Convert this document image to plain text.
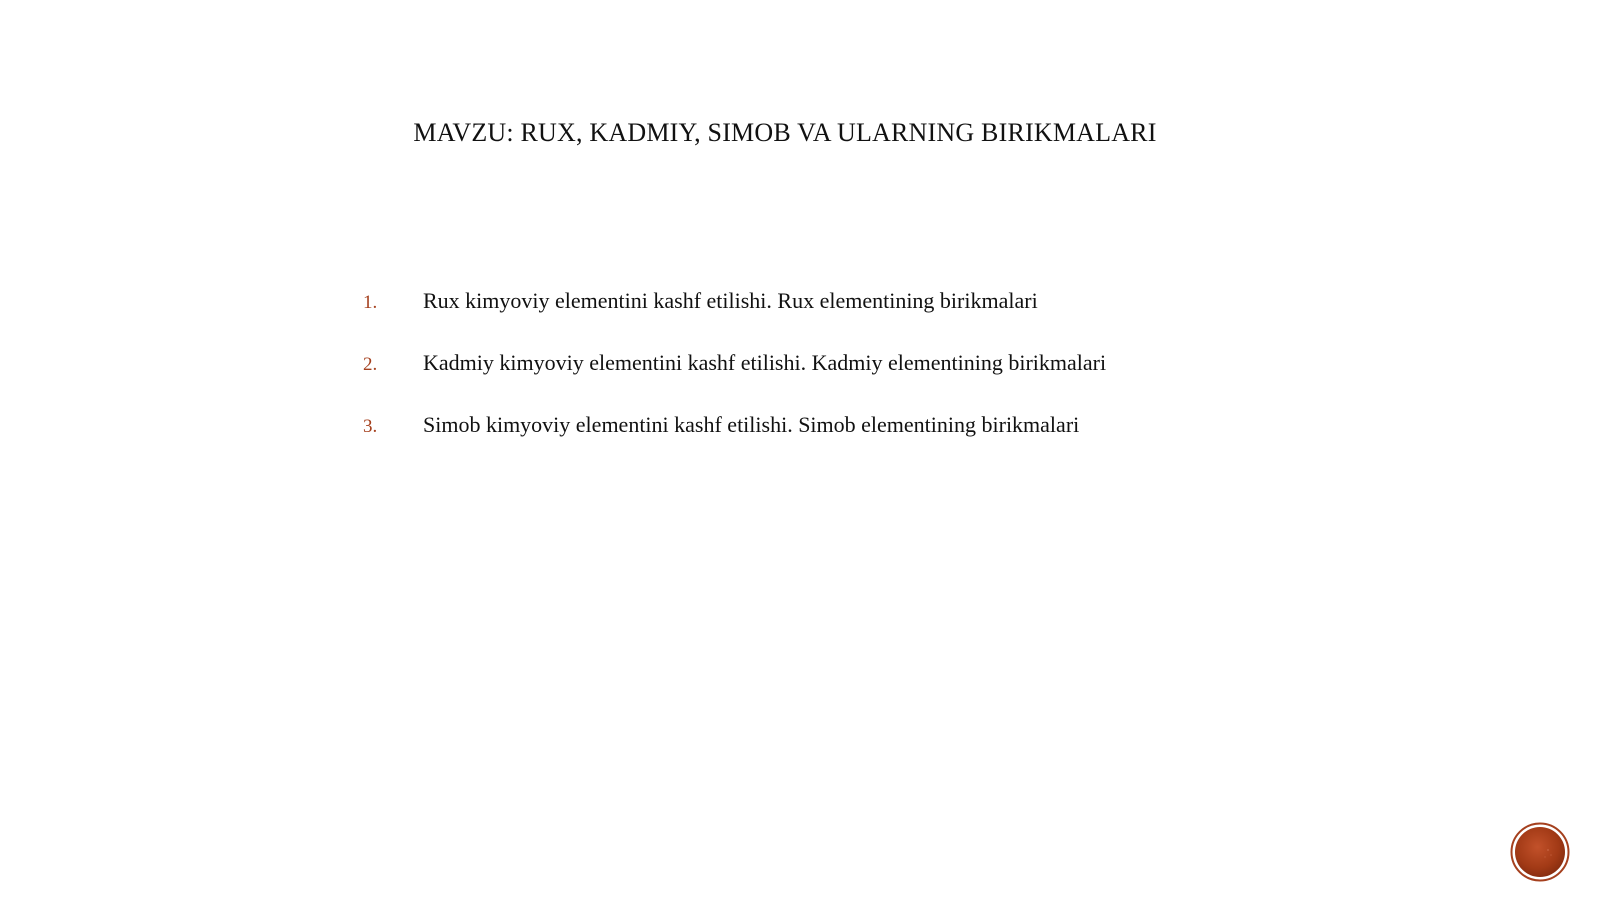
MAVZU: RUX, KADMIY, SIMOB VA ULARNING BIRIKMALARI
1.	Rux kimyoviy elementini kashf etilishi. Rux elementining birikmalari
2.	Kadmiy kimyoviy elementini kashf etilishi. Kadmiy elementining birikmalari
3.	Simob kimyoviy elementini kashf etilishi. Simob elementining birikmalari
